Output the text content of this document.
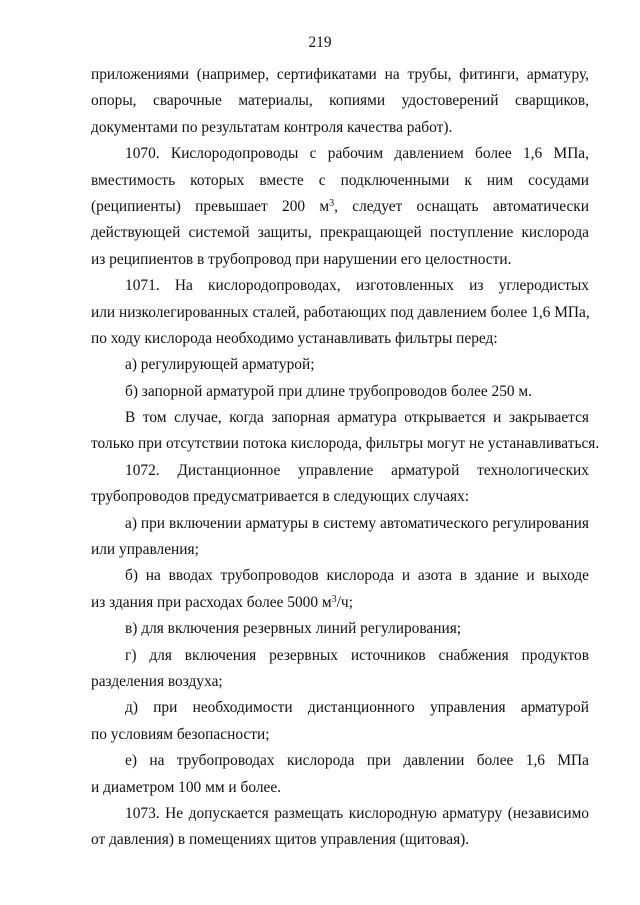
219
приложениями (например, сертификатами на трубы, фитинги, арматуру,
опоры, сварочные материалы, копиями удостоверений сварщиков,
документами по результатам контроля качества работ).
1070. Кислородопроводы с рабочим давлением более 1,6 МПа,
вместимость которых вместе с подключенными к ним сосудами
(реципиенты) превышает 200 $м^3$, следует оснащать автоматически
действующей системой защиты, прекращающей поступление кислорода
из реципиентов в трубопровод при нарушении его целостности.
1071. На кислородопроводах, изготовленных из углеродистых
или низколегированных сталей, работающих под давлением более 1,6 МПа,
по ходу кислорода необходимо устанавливать фильтры перед:
а) регулирующей арматурой;
б) запорной арматурой при длине трубопроводов более 250 м.
В том случае, когда запорная арматура открывается и закрывается
только при отсутствии потока кислорода, фильтры могут не устанавливаться.
1072. Дистанционное управление арматурой технологических
трубопроводов предусматривается в следующих случаях:
а) при включении арматуры в систему автоматического регулирования
или управления;
б) на вводах трубопроводов кислорода и азота в здание и выходе
из здания при расходах более 5000 $м^3/ч$;
в) для включения резервных линий регулирования;
г) для включения резервных источников снабжения продуктов
разделения воздуха;
д) при необходимости дистанционного управления арматурой
по условиям безопасности;
е) на трубопроводах кислорода при давлении более 1,6 МПа
и диаметром 100 мм и более.
1073. Не допускается размещать кислородную арматуру (независимо
от давления) в помещениях щитов управления (щитовая).
